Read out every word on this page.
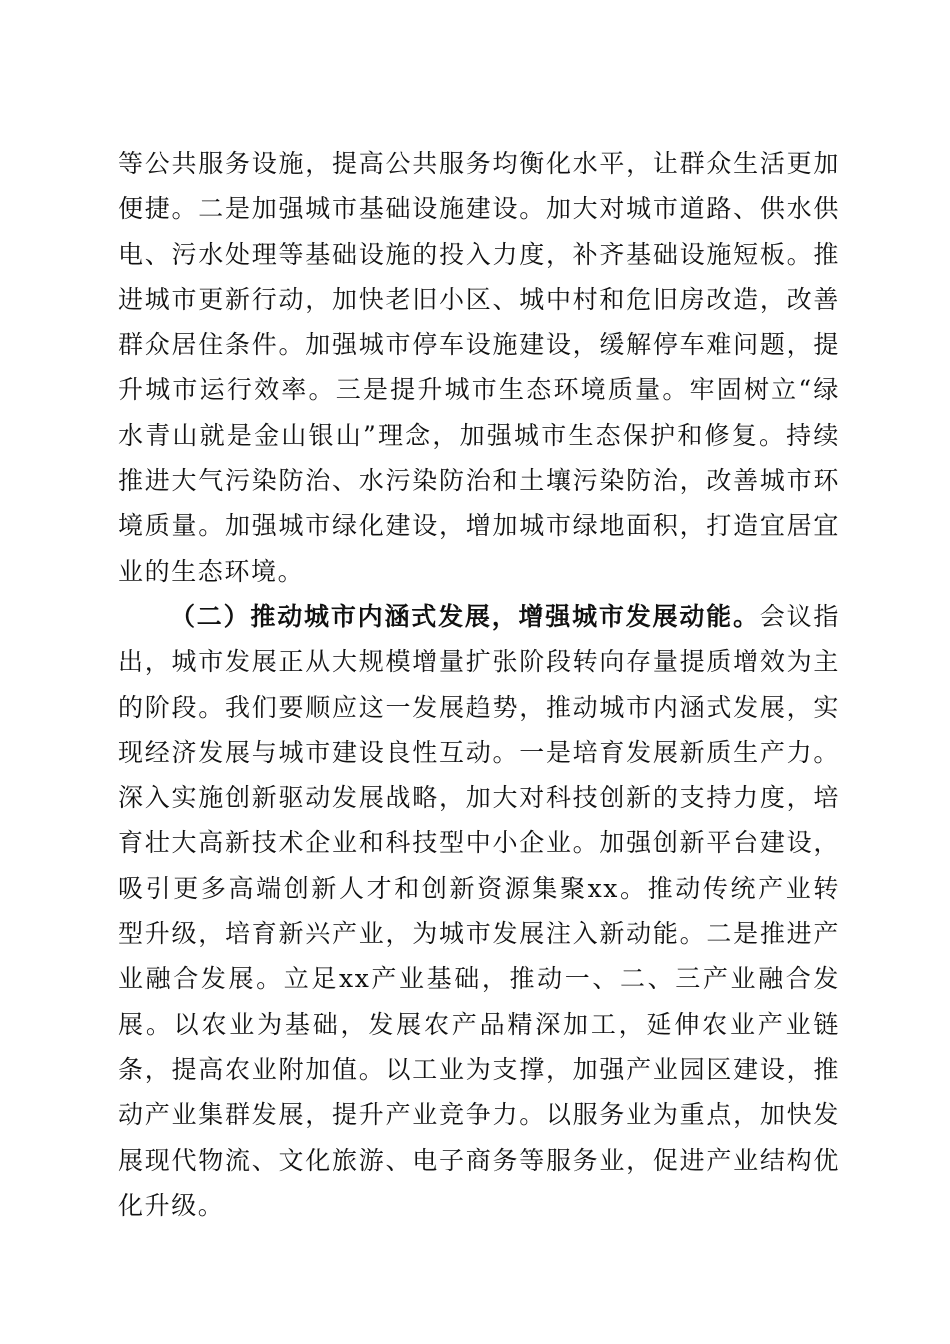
等公共服务设施，提高公共服务均衡化水平，让群众生活更加便捷。二是加强城市基础设施建设。加大对城市道路、供水供电、污水处理等基础设施的投入力度，补齐基础设施短板。推进城市更新行动，加快老旧小区、城中村和危旧房改造，改善群众居住条件。加强城市停车设施建设，缓解停车难问题，提升城市运行效率。三是提升城市生态环境质量。牢固树立“绿水青山就是金山银山”理念，加强城市生态保护和修复。持续推进大气污染防治、水污染防治和土壤污染防治，改善城市环境质量。加强城市绿化建设，增加城市绿地面积，打造宜居宜业的生态环境。

（二）推动城市内涵式发展，增强城市发展动能。会议指出，城市发展正从大规模增量扩张阶段转向存量提质增效为主的阶段。我们要顺应这一发展趋势，推动城市内涵式发展，实现经济发展与城市建设良性互动。一是培育发展新质生产力。深入实施创新驱动发展战略，加大对科技创新的支持力度，培育壮大高新技术企业和科技型中小企业。加强创新平台建设，吸引更多高端创新人才和创新资源集聚xx。推动传统产业转型升级，培育新兴产业，为城市发展注入新动能。二是推进产业融合发展。立足xx产业基础，推动一、二、三产业融合发展。以农业为基础，发展农产品精深加工，延伸农业产业链条，提高农业附加值。以工业为支撑，加强产业园区建设，推动产业集群发展，提升产业竞争力。以服务业为重点，加快发展现代物流、文化旅游、电子商务等服务业，促进产业结构优化升级。
